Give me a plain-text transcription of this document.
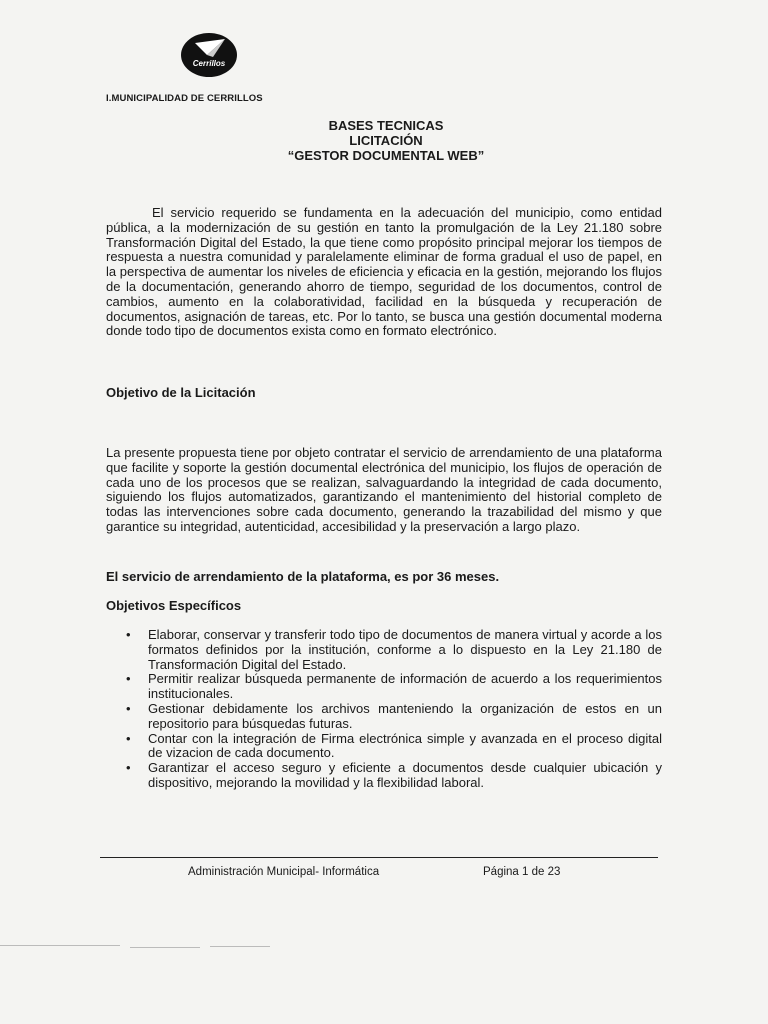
Cerrillos
I.MUNICIPALIDAD DE CERRILLOS
BASES TECNICAS
LICITACIÓN
“GESTOR DOCUMENTAL WEB”
El servicio requerido se fundamenta en la adecuación del municipio, como entidad pública, a la modernización de su gestión en tanto la promulgación de la Ley 21.180 sobre Transformación Digital del Estado, la que tiene como propósito principal mejorar los tiempos de respuesta a nuestra comunidad y paralelamente eliminar de forma gradual el uso de papel, en la perspectiva de aumentar los niveles de eficiencia y eficacia en la gestión, mejorando los flujos de la documentación, generando ahorro de tiempo, seguridad de los documentos, control de cambios, aumento en la colaboratividad, facilidad en la búsqueda y recuperación de documentos, asignación de tareas, etc. Por lo tanto, se busca una gestión documental moderna donde todo tipo de documentos exista como en formato electrónico.
Objetivo de la Licitación
La presente propuesta tiene por objeto contratar el servicio de arrendamiento de una plataforma que facilite y soporte la gestión documental electrónica del municipio, los flujos de operación de cada uno de los procesos que se realizan, salvaguardando la integridad de cada documento, siguiendo los flujos automatizados, garantizando el mantenimiento del historial completo de todas las intervenciones sobre cada documento, generando la trazabilidad del mismo y que garantice su integridad, autenticidad, accesibilidad y la preservación a largo plazo.
El servicio de arrendamiento de la plataforma, es por 36 meses.
Objetivos Específicos
• Elaborar, conservar y transferir todo tipo de documentos de manera virtual y acorde a los formatos definidos por la institución, conforme a lo dispuesto en la Ley 21.180 de Transformación Digital del Estado.
• Permitir realizar búsqueda permanente de información de acuerdo a los requerimientos institucionales.
• Gestionar debidamente los archivos manteniendo la organización de estos en un repositorio para búsquedas futuras.
• Contar con la integración de Firma electrónica simple y avanzada en el proceso digital de vizacion de cada documento.
• Garantizar el acceso seguro y eficiente a documentos desde cualquier ubicación y dispositivo, mejorando la movilidad y la flexibilidad laboral.
Administración Municipal- Informática	Página 1 de 23
